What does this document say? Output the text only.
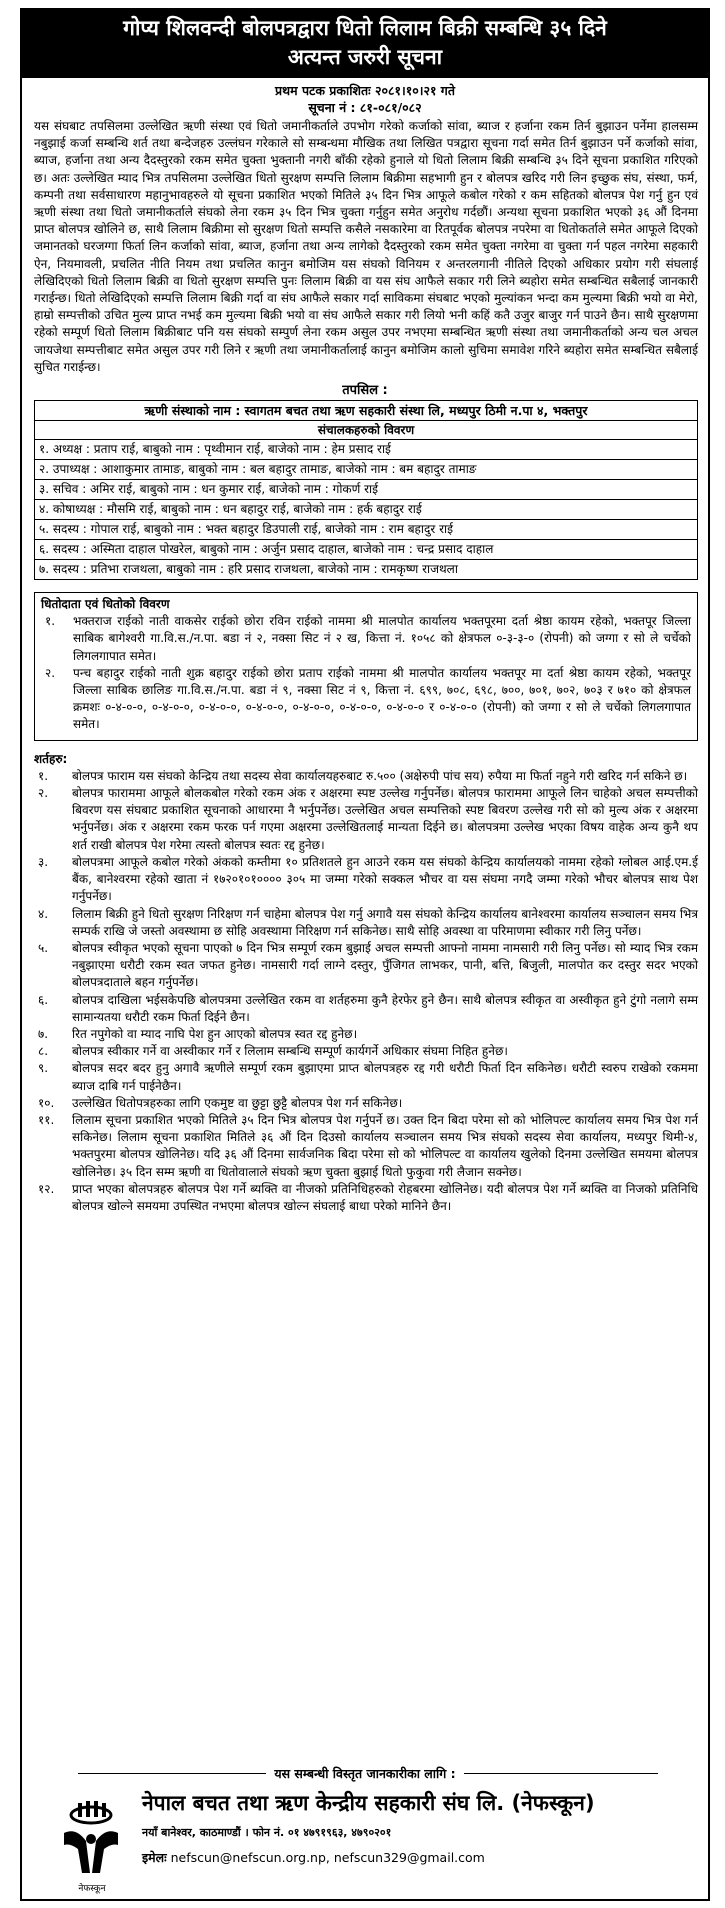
गोप्य शिलवन्दी बोलपत्रद्वारा धितो लिलाम बिक्री सम्बन्धि ३५ दिने
अत्यन्त जरुरी सूचना
प्रथम पटक प्रकाशितः २०८१।१०।२१ गते
सूचना नं : ८१-०८१/०८२
यस संघबाट तपसिलमा उल्लेखित ऋणी संस्था एवं धितो जमानीकर्ताले उपभोग गरेको कर्जाको सांवा, ब्याज र हर्जाना रकम तिर्न बुझाउन पर्नेमा हालसम्म नबुझाई कर्जा सम्बन्धि शर्त तथा बन्देजहरु उल्लंघन गरेकाले सो सम्बन्धमा मौखिक तथा लिखित पत्रद्वारा सूचना गर्दा समेत तिर्न बुझाउन पर्ने कर्जाको सांवा, ब्याज, हर्जाना तथा अन्य दैदस्तुरको रकम समेत चुक्ता भुक्तानी नगरी बाँकी रहेको हुनाले यो धितो लिलाम बिक्री सम्बन्धि ३५ दिने सूचना प्रकाशित गरिएको छ। अतः उल्लेखित म्याद भित्र तपसिलमा उल्लेखित धितो सुरक्षण सम्पत्ति लिलाम बिक्रीमा सहभागी हुन र बोलपत्र खरिद गरी लिन इच्छुक संघ, संस्था, फर्म, कम्पनी तथा सर्वसाधारण महानुभावहरुले यो सूचना प्रकाशित भएको मितिले ३५ दिन भित्र आफूले कबोल गरेको र कम सहितको बोलपत्र पेश गर्नु हुन एवं ऋणी संस्था तथा धितो जमानीकर्ताले संघको लेना रकम ३५ दिन भित्र चुक्ता गर्नुहुन समेत अनुरोध गर्दछौं। अन्यथा सूचना प्रकाशित भएको ३६ औं दिनमा प्राप्त बोलपत्र खोलिने छ, साथै लिलाम बिक्रीमा सो सुरक्षण धितो सम्पत्ति कसैले नसकारेमा वा रितपूर्वक बोलपत्र नपरेमा वा धितोकर्ताले समेत आफूले दिएको जमानतको घरजग्गा फिर्ता लिन कर्जाको सांवा, ब्याज, हर्जाना तथा अन्य लागेको दैदस्तुरको रकम समेत चुक्ता नगरेमा वा चुक्ता गर्न पहल नगरेमा सहकारी ऐन, नियमावली, प्रचलित नीति नियम तथा प्रचलित कानुन बमोजिम यस संघको विनियम र अन्तरलगानी नीतिले दिएको अधिकार प्रयोग गरी संघलाई लेखिदिएको धितो लिलाम बिक्री वा धितो सुरक्षण सम्पत्ति पुनः लिलाम बिक्री वा यस संघ आफैले सकार गरी लिने ब्यहोरा समेत सम्बन्धित सबैलाई जानकारी गराईन्छ। धितो लेखिदिएको सम्पत्ति लिलाम बिक्री गर्दा वा संघ आफैले सकार गर्दा साविकमा संघबाट भएको मुल्यांकन भन्दा कम मुल्यमा बिक्री भयो वा मेरो, हाम्रो सम्पत्तीको उचित मुल्य प्राप्त नभई कम मुल्यमा बिक्री भयो वा संघ आफैले सकार गरी लियो भनी कहिं कतै उजुर बाजुर गर्न पाउने छैन। साथै सुरक्षणमा रहेको सम्पूर्ण धितो लिलाम बिक्रीबाट पनि यस संघको सम्पुर्ण लेना रकम असुल उपर नभएमा सम्बन्धित ऋणी संस्था तथा जमानीकर्ताको अन्य चल अचल जायजेथा सम्पत्तीबाट समेत असुल उपर गरी लिने र ऋणी तथा जमानीकर्तालाई कानुन बमोजिम कालो सुचिमा समावेश गरिने ब्यहोरा समेत सम्बन्धित सबैलाई सुचित गराईन्छ।
तपसिल :
ऋणी संस्थाको नाम : स्वागतम बचत तथा ऋण सहकारी संस्था लि, मध्यपुर ठिमी न.पा ४, भक्तपुर
संचालकहरुको विवरण
१. अध्यक्ष : प्रताप राई, बाबुको नाम : पृथ्वीमान राई, बाजेको नाम : हेम प्रसाद राई
२. उपाध्यक्ष : आशाकुमार तामाङ, बाबुको नाम : बल बहादुर तामाङ, बाजेको नाम : बम बहादुर तामाङ
३. सचिव : अमिर राई, बाबुको नाम : धन कुमार राई, बाजेको नाम : गोकर्ण राई
४. कोषाध्यक्ष : मौसमि राई, बाबुको नाम : धन बहादुर राई, बाजेको नाम : हर्क बहादुर राई
५. सदस्य : गोपाल राई, बाबुको नाम : भक्त बहादुर डिउपाली राई, बाजेको नाम : राम बहादुर राई
६. सदस्य : अस्मिता दाहाल पोखरेल, बाबुको नाम : अर्जुन प्रसाद दाहाल, बाजेको नाम : चन्द्र प्रसाद दाहाल
७. सदस्य : प्रतिभा राजथला, बाबुको नाम : हरि प्रसाद राजथला, बाजेको नाम : रामकृष्ण राजथला
धितोदाता एवं धितोको विवरण
१.	भक्तराज राईको नाती वाकसेर राईको छोरा रविन राईको नाममा श्री मालपोत कार्यालय भक्तपूरमा दर्ता श्रेष्ठा कायम रहेको, भक्तपूर जिल्ला साबिक बागेश्वरी गा.वि.स./न.पा. बडा नं २, नक्सा सिट नं २ ख, कित्ता नं. १०५८ को क्षेत्रफल ०-३-३-० (रोपनी) को जग्गा र सो ले चर्चेको लिगलगापात समेत।
२.	पन्च बहादुर राईको नाती शुक्र बहादुर राईको छोरा प्रताप राईको नाममा श्री मालपोत कार्यालय भक्तपूर मा दर्ता श्रेष्ठा कायम रहेको, भक्तपूर जिल्ला साबिक छालिङ गा.वि.स./न.पा. बडा नं ९, नक्सा सिट नं ९, कित्ता नं. ६९९, ७०८, ६९८, ७००, ७०१, ७०२, ७०३ र ७१० को क्षेत्रफल क्रमशः ०-४-०-०, ०-४-०-०, ०-४-०-०, ०-४-०-०, ०-४-०-०, ०-४-०-०, ०-४-०-० र ०-४-०-० (रोपनी) को जग्गा र सो ले चर्चेको लिगलगापात समेत।
शर्तहरु:
१.	बोलपत्र फाराम यस संघको केन्द्रिय तथा सदस्य सेवा कार्यालयहरुबाट रु.५०० (अक्षेरुपी पांच सय) रुपैया मा फिर्ता नहुने गरी खरिद गर्न सकिने छ।
२.	बोलपत्र फाराममा आफूले बोलकबोल गरेको रकम अंक र अक्षरमा स्पष्ट उल्लेख गर्नुपर्नेछ। बोलपत्र फाराममा आफूले लिन चाहेको अचल सम्पत्तीको बिवरण यस संघबाट प्रकाशित सूचनाको आधारमा नै भर्नुपर्नेछ। उल्लेखित अचल सम्पत्तिको स्पष्ट बिवरण उल्लेख गरी सो को मुल्य अंक र अक्षरमा भर्नुपर्नेछ। अंक र अक्षरमा रकम फरक पर्न गएमा अक्षरमा उल्लेखितलाई मान्यता दिईने छ। बोलपत्रमा उल्लेख भएका विषय वाहेक अन्य कुनै थप शर्त राखी बोलपत्र पेश गरेमा त्यस्तो बोलपत्र स्वतः रद्द हुनेछ।
३.	बोलपत्रमा आफूले कबोल गरेको अंकको कम्तीमा १० प्रतिशतले हुन आउने रकम यस संघको केन्द्रिय कार्यालयको नाममा रहेको ग्लोबल आई.एम.ई बैंक, बानेश्वरमा रहेको खाता नं १७२०१०१०००० ३०५ मा जम्मा गरेको सक्कल भौचर वा यस संघमा नगदै जम्मा गरेको भौचर बोलपत्र साथ पेश गर्नुपर्नेछ।
४.	लिलाम बिक्री हुने धितो सुरक्षण निरिक्षण गर्न चाहेमा बोलपत्र पेश गर्नु अगावै यस संघको केन्द्रिय कार्यालय बानेश्वरमा कार्यालय सञ्चालन समय भित्र सम्पर्क राखि जे जस्तो अवस्थामा छ सोहि अवस्थामा निरिक्षण गर्न सकिनेछ। साथै सोहि अवस्था वा परिमाणमा स्वीकार गरी लिनु पर्नेछ।
५.	बोलपत्र स्वीकृत भएको सूचना पाएको ७ दिन भित्र सम्पूर्ण रकम बुझाई अचल सम्पत्ती आफ्नो नाममा नामसारी गरी लिनु पर्नेछ। सो म्याद भित्र रकम नबुझाएमा धरौटी रकम स्वत जफत हुनेछ। नामसारी गर्दा लाग्ने दस्तुर, पुँजिगत लाभकर, पानी, बत्ति, बिजुली, मालपोत कर दस्तुर सदर भएको बोलपत्रदाताले बहन गर्नुपर्नेछ।
६.	बोलपत्र दाखिला भईसकेपछि बोलपत्रमा उल्लेखित रकम वा शर्तहरुमा कुनै हेरफेर हुने छैन। साथै बोलपत्र स्वीकृत वा अस्वीकृत हुने टुंगो नलागे सम्म सामान्यतया धरौटी रकम फिर्ता दिईने छैन।
७.	रित नपुगेको वा म्याद नाघि पेश हुन आएको बोलपत्र स्वत रद्द हुनेछ।
८.	बोलपत्र स्वीकार गर्ने वा अस्वीकार गर्ने र लिलाम सम्बन्धि सम्पूर्ण कार्यगर्ने अधिकार संघमा निहित हुनेछ।
९.	बोलपत्र सदर बदर हुनु अगावै ऋणीले सम्पूर्ण रकम बुझाएमा प्राप्त बोलपत्रहरु रद्द गरी धरौटी फिर्ता दिन सकिनेछ। धरौटी स्वरुप राखेको रकममा ब्याज दाबि गर्न पाईनेछैन।
१०.	उल्लेखित धितोपत्रहरुका लागि एकमुष्ट वा छुट्टा छुट्टै बोलपत्र पेश गर्न सकिनेछ।
११.	लिलाम सूचना प्रकाशित भएको मितिले ३५ दिन भित्र बोलपत्र पेश गर्नुपर्ने छ। उक्त दिन बिदा परेमा सो को भोलिपल्ट कार्यालय समय भित्र पेश गर्न सकिनेछ। लिलाम सूचना प्रकाशित मितिले ३६ औं दिन दिउसो कार्यालय सञ्चालन समय भित्र संघको सदस्य सेवा कार्यालय, मध्यपुर थिमी-४, भक्तपुरमा बोलपत्र खोलिनेछ। यदि ३६ औं दिनमा सार्वजनिक बिदा परेमा सो को भोलिपल्ट वा कार्यालय खुलेको दिनमा उल्लेखित समयमा बोलपत्र खोलिनेछ। ३५ दिन सम्म ऋणी वा धितोवालाले संघको ऋण चुक्ता बुझाई धितो फुकुवा गरी लैजान सक्नेछ।
१२.	प्राप्त भएका बोलपत्रहरु बोलपत्र पेश गर्ने ब्यक्ति वा नीजको प्रतिनिधिहरुको रोहबरमा खोलिनेछ। यदी बोलपत्र पेश गर्ने ब्यक्ति वा निजको प्रतिनिधि बोलपत्र खोल्ने समयमा उपस्थित नभएमा बोलपत्र खोल्न संघलाई बाधा परेको मानिने छैन।
यस सम्बन्धी विस्तृत जानकारीका लागि :
नेफस्कून
नेपाल बचत तथा ऋण केन्द्रीय सहकारी संघ लि. (नेफस्कून)
नयाँ बानेश्वर, काठमाण्डौं । फोन नं. ०१ ४७९१९६३, ४७९०२०१
इमेलः nefscun@nefscun.org.np, nefscun329@gmail.com
